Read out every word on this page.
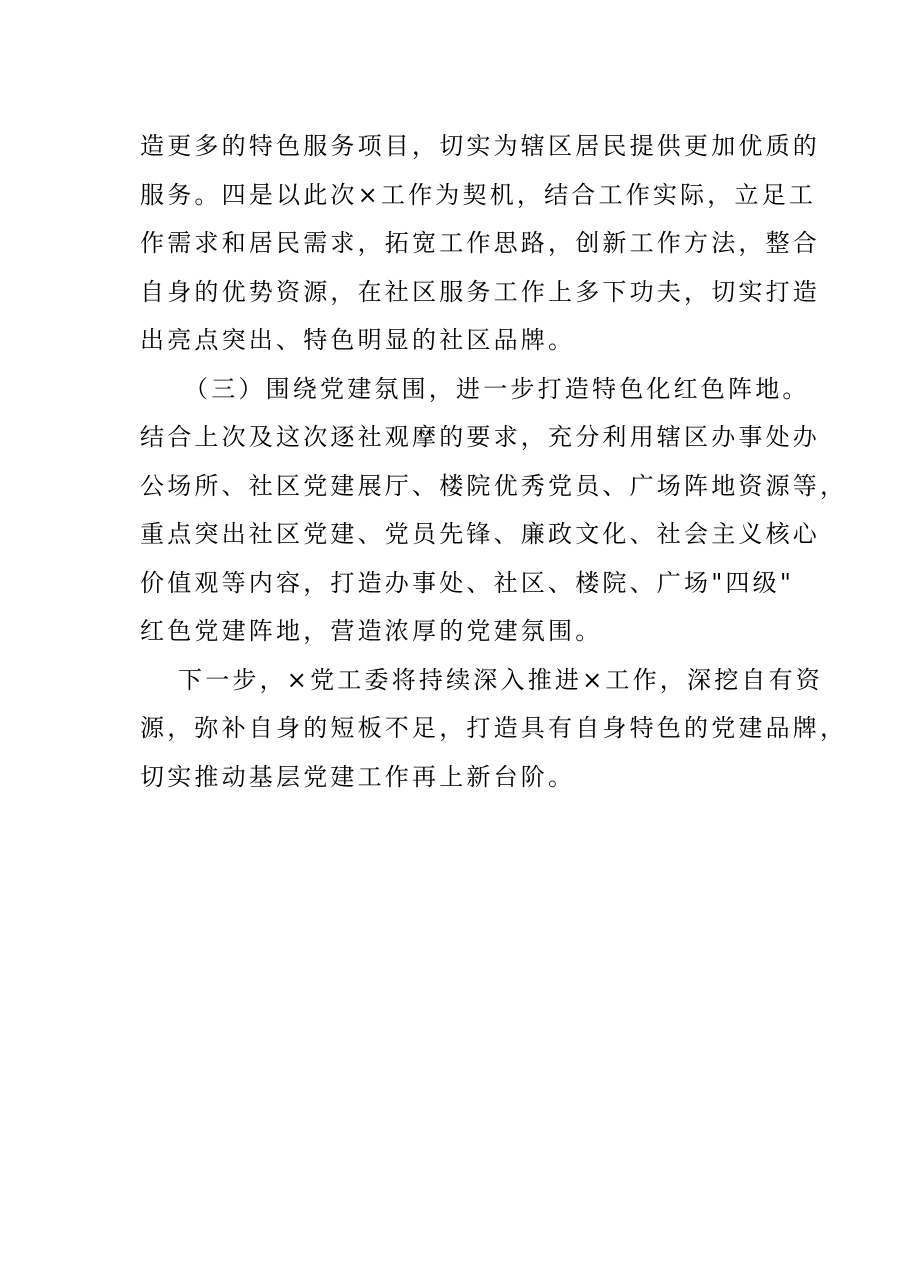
造更多的特色服务项目，切实为辖区居民提供更加优质的
服务。四是以此次×工作为契机，结合工作实际，立足工
作需求和居民需求，拓宽工作思路，创新工作方法，整合
自身的优势资源，在社区服务工作上多下功夫，切实打造
出亮点突出、特色明显的社区品牌。
（三）围绕党建氛围，进一步打造特色化红色阵地。
结合上次及这次逐社观摩的要求，充分利用辖区办事处办
公场所、社区党建展厅、楼院优秀党员、广场阵地资源等，
重点突出社区党建、党员先锋、廉政文化、社会主义核心
价值观等内容，打造办事处、社区、楼院、广场"四级"
红色党建阵地，营造浓厚的党建氛围。
下一步，×党工委将持续深入推进×工作，深挖自有资
源，弥补自身的短板不足，打造具有自身特色的党建品牌，
切实推动基层党建工作再上新台阶。
